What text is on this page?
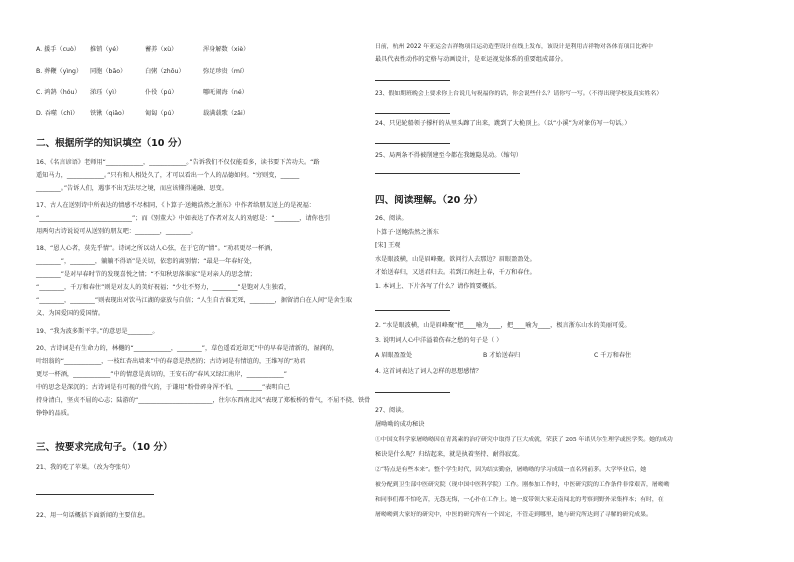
A. 援手（cuò） 推销（yé）	蓄养（xù）	浑身解数（xiè）
B. 葬鞭（yìng） 同胞（bāo）	白粥（zhōu）	弥足珍贵（mí）
C. 鸿鹄（hóu） 涕珏（yì）	仆役（pú）	哪吒闹海（né）
D. 吞噬（chì） 铁锹（qiāo）	匍匐（pú）	载满载歌（zǎi）
二、根据所学的知识填空（10 分）
16、《名言谚语》老师用“____________，____________。”告诉我们不仅仅能看多，读书要下苦功夫。“路
遥知马力，____________。”只有和人相处久了，才可以看出一个人的品德如何。“穷则变，______
________。”告诉人们，遇事不出无法尽之境，而应该懂得通融、思变。
17、古人在送别诗中所表达的情感不尽相同，《卜算子·送鲍浩然之浙东》中作者给朋友送上的是祝福：
“______________________________”；而《别董大》中如表达了作者对友人的劝慰是：“________，请你也引
用两句古诗说说可从送别的朋友吧：________，________。
18、“恩人心者，莫先乎情”。诗词之所以动人心弦，在于它的“情”。“劝君更尽一杯酒，
________”，________，躺躺不得语”是关切，依恋的离别情；“最是一年春好处，
________”是对早春时节的发现喜悦之情；“不知秋思落谁家”是对亲人的思念情；
“________，千万和春住”则是对友人的美好祝福；“少壮不努力，________”是饱对人生独看，
“________，________”则表现出对饮马江湖的豪放与自信；“人生自古谁无死，________，据留清白在人间”是舍生取
义、为国爱国的爱国情。
19、“我为波多斯平字。”的意思是________。
20、古诗词是有生命力的，林樾的“____________，________”，草色遥看近却无”中的早春是清新的，湿润的，
叶绍翁的“____________，一枝红杏出墙来”中的春意是热烈的；古诗词是有情谊的，王维写的“劝君
更尽一杯酒，____________”中的情意是真切的，王安石的“春风又绿江南岸，____________”
中的思念是深沉的；古诗词是有可视的骨气的，于谦用“粉骨碎身浑不怕，________”表明自己
持身清白，坚贞不屈的心志；陆游的“________________________，往尔东西南北风”表现了郑板桥的骨气，不屈不挠、铁骨
铮铮的品质。
三、按要求完成句子。（10 分）
21、我的吃了苹果。（改为夸张句）
22、用一句话概括下面新闻的主要信息。
日前，杭州 2022 年亚运会吉祥物项目运动造型设计在线上发布，该设计是利用吉祥物对各体育项目比赛中
最具代表性动作的定格与动画设计，是亚运视觉体系的重要组成部分。
23、假如期班晚会上要求你上台说几句祝福你的话，你会说些什么？请你写一写。（不得出现学校及真实姓名）
24、只见轮船领子撑杆的从里头蹿了出来，跳到了大桅顶上。（以“小溪”为对象仿写一句话。）
25、局两条不得被削建至今都在我缠隐晃动。（缩句）
四、阅读理解。（20 分）
26、阅读。
卜算子·送鲍浩然之浙东
[宋] 王观
水是眼波横，山是眉峰聚。欲问行人去那边？眉眼盈盈处。
才始送春归，又送君归去。若到江南赶上春，千万和春住。
1. 本词上、下片各写了什么？请作简要概括。
2. “水是眼波横，山是眉峰聚”把____喻为____，把____喻为____，极言浙东山水的美丽可爱。
3. 说明词人心中洋溢着伤春之愁的句子是（ ）
A 眉眼盈盈处	B 才始送春归	C 千万和春住
4. 这首词表达了词人怎样的思想感情？
27、阅读。
屠呦呦的成功秘诀
①中国女科学家屠呦呦因在青蒿素的治疗研究中取得了巨大成就，荣获了 205 年诺贝尔生理学或医学奖。她的成功
秘诀是什么呢？归结起来，就是执着坚持、耐得寂寞。
②“特点是有些本来”。整个学生时代，因为结实勤奋，屠呦呦的学习成绩一直名列前茅。大学毕业后，她
被分配到卫生部中医研究院（现中国中医科学院）工作。刚参加工作时，中医研究院的工作条件非常艰苦，屠呦呦
和同事们都不怕吃苦，无怨无悔，一心扑在工作上。她一度带领大家走南闯北的考察到野外采集样本；有时，在
屠呦呦到大家好的研究中，中医的研究所有一个固定，不管走到哪里，她与研究所达到了寻解的研究成果。
